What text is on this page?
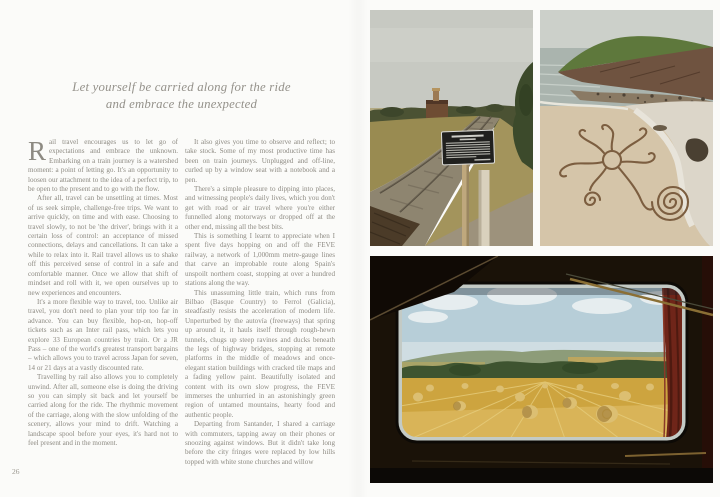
Let yourself be carried along for the ride
and embrace the unexpected

Rail travel encourages us to let go of expectations and embrace the unknown. Embarking on a train journey is a watershed moment: a point of letting go. It's an opportunity to loosen our attachment to the idea of a perfect trip, to be open to the present and to go with the flow.

After all, travel can be unsettling at times. Most of us seek simple, challenge-free trips. We want to arrive quickly, on time and with ease. Choosing to travel slowly, to not be 'the driver', brings with it a certain loss of control: an acceptance of missed connections, delays and cancellations. It can take a while to relax into it. Rail travel allows us to shake off this perceived sense of control in a safe and comfortable manner. Once we allow that shift of mindset and roll with it, we open ourselves up to new experiences and encounters.

It's a more flexible way to travel, too. Unlike air travel, you don't need to plan your trip too far in advance. You can buy flexible, hop-on, hop-off tickets such as an Inter rail pass, which lets you explore 33 European countries by train. Or a JR Pass – one of the world's greatest transport bargains – which allows you to travel across Japan for seven, 14 or 21 days at a vastly discounted rate.

Travelling by rail also allows you to completely unwind. After all, someone else is doing the driving so you can simply sit back and let yourself be carried along for the ride. The rhythmic movement of the carriage, along with the slow unfolding of the scenery, allows your mind to drift. Watching a landscape spool before your eyes, it's hard not to feel present and in the moment.

It also gives you time to observe and reflect; to take stock. Some of my most productive time has been on train journeys. Unplugged and off-line, curled up by a window seat with a notebook and a pen.

There's a simple pleasure to dipping into places, and witnessing people's daily lives, which you don't get with road or air travel where you're either funnelled along motorways or dropped off at the other end, missing all the best bits.

This is something I learnt to appreciate when I spent five days hopping on and off the FEVE railway, a network of 1,000mm metre-gauge lines that carve an improbable route along Spain's unspoilt northern coast, stopping at over a hundred stations along the way.

This unassuming little train, which runs from Bilbao (Basque Country) to Ferrol (Galicia), steadfastly resists the acceleration of modern life. Unperturbed by the autovía (freeways) that spring up around it, it hauls itself through rough-hewn tunnels, chugs up steep ravines and ducks beneath the legs of highway bridges, stopping at remote platforms in the middle of meadows and once-elegant station buildings with cracked tile maps and a fading yellow paint. Beautifully isolated and content with its own slow progress, the FEVE immerses the unhurried in an astonishingly green region of untamed mountains, hearty food and authentic people.

Departing from Santander, I shared a carriage with commuters, tapping away on their phones or snoozing against windows. But it didn't take long before the city fringes were replaced by low hills topped with white stone churches and willow

26
